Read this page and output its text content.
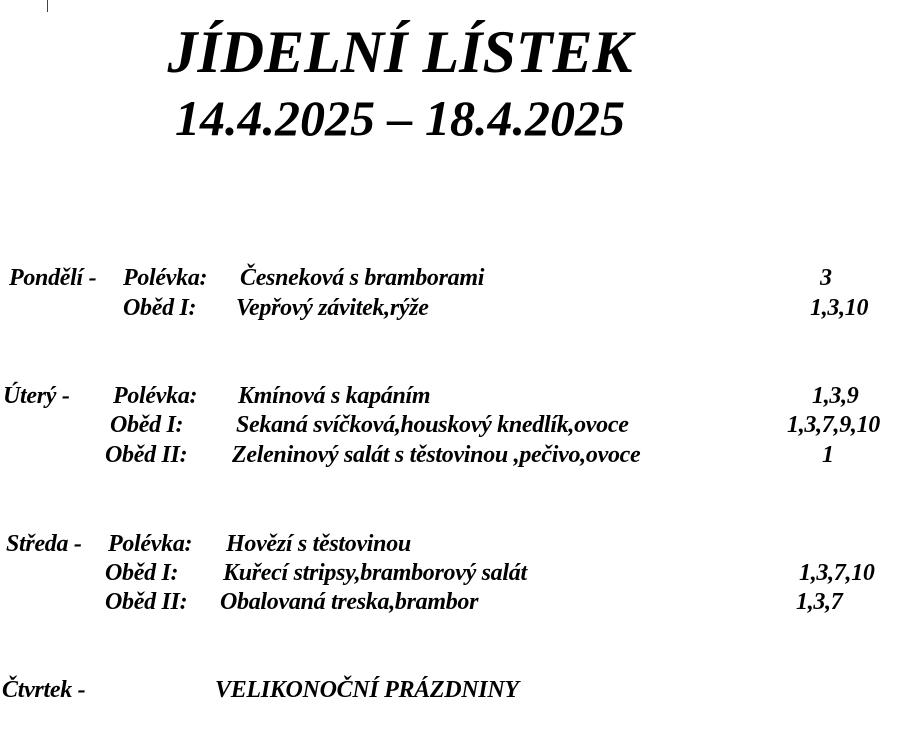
JÍDELNÍ LÍSTEK
14.4.2025 – 18.4.2025
Pondělí - Polévka: Česneková s bramborami	3
Oběd I: Vepřový závitek,rýže	1,3,10
Úterý - Polévka: Kmínová s kapáním	1,3,9
Oběd I: Sekaná svíčková,houskový knedlík,ovoce	1,3,7,9,10
Oběd II: Zeleninový salát s těstovinou ,pečivo,ovoce	1
Středa - Polévka: Hovězí s těstovinou
Oběd I: Kuřecí stripsy,bramborový salát	1,3,7,10
Oběd II: Obalovaná treska,brambor	1,3,7
Čtvrtek -	VELIKONOČNÍ PRÁZDNINY
